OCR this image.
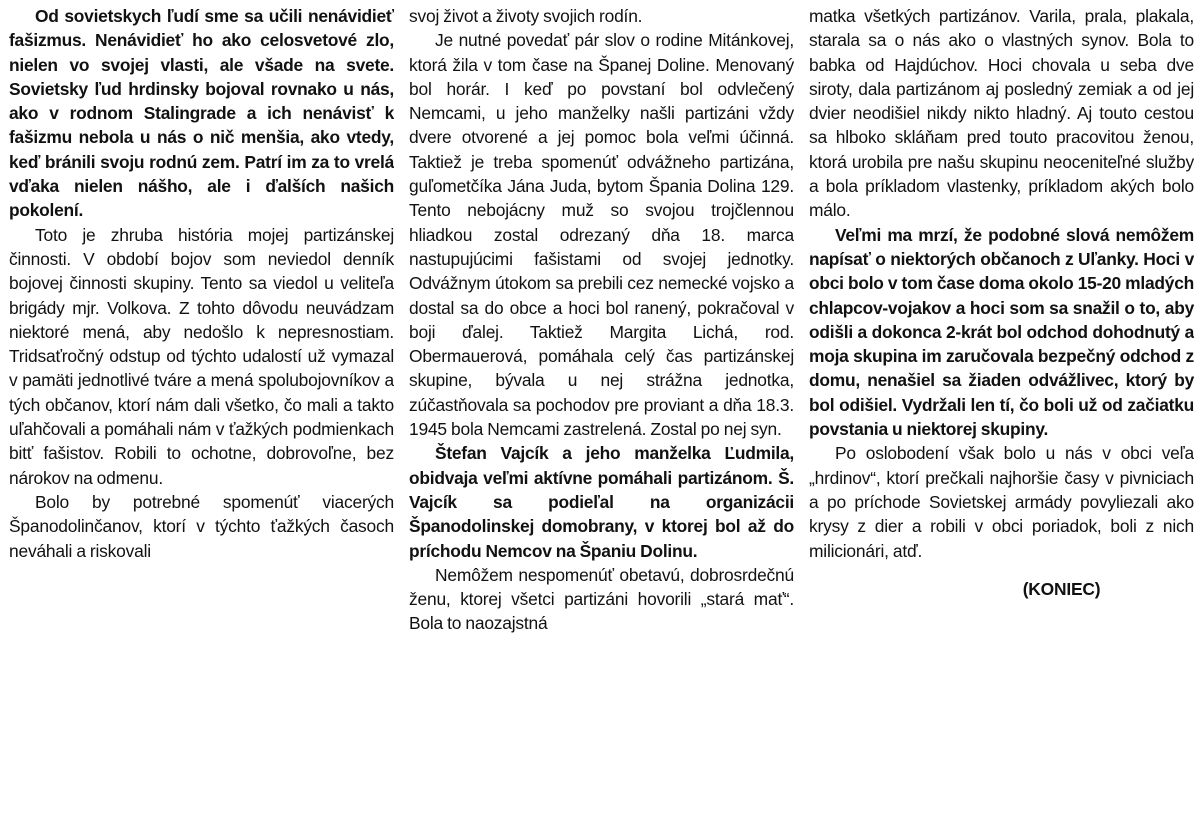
Od sovietskych ľudí sme sa učili nenávidieť fašizmus. Nenávidieť ho ako celosvetové zlo, nielen vo svojej vlasti, ale všade na svete. Sovietsky ľud hrdinsky bojoval rovnako u nás, ako v rodnom Stalingrade a ich nenávisť k fašizmu nebola u nás o nič menšia, ako vtedy, keď bránili svoju rodnú zem. Patrí im za to vrelá vďaka nielen nášho, ale i ďalších našich pokolení.

Toto je zhruba história mojej partizánskej činnosti. V období bojov som neviedol denník bojovej činnosti skupiny. Tento sa viedol u veliteľa brigády mjr. Volkova. Z tohto dôvodu neuvádzam niektoré mená, aby nedošlo k nepresnostiam. Tridsaťročný odstup od týchto udalostí už vymazal v pamäti jednotlivé tváre a mená spolubojovníkov a tých občanov, ktorí nám dali všetko, čo mali a takto uľahčovali a pomáhali nám v ťažkých podmienkach bitť fašistov. Robili to ochotne, dobrovoľne, bez nárokov na odmenu.

Bolo by potrebné spomenúť viacerých Španodolinčanov, ktorí v týchto ťažkých časoch neváhali a riskovali

svoj život a životy svojich rodín.

Je nutné povedať pár slov o rodine Mitánkovej, ktorá žila v tom čase na Španej Doline. Menovaný bol horár. I keď po povstaní bol odvlečený Nemcami, u jeho manželky našli partizáni vždy dvere otvorené a jej pomoc bola veľmi účinná. Taktiež je treba spomenúť odvážneho partizána, guľometčíka Jána Juda, bytom Špania Dolina 129. Tento nebojácny muž so svojou trojčlennou hliadkou zostal odrezaný dňa 18. marca nastupujúcimi fašistami od svojej jednotky. Odvážnym útokom sa prebili cez nemecké vojsko a dostal sa do obce a hoci bol ranený, pokračoval v boji ďalej. Taktiež Margita Lichá, rod. Obermauerová, pomáhala celý čas partizánskej skupine, bývala u nej strážna jednotka, zúčastňovala sa pochodov pre proviant a dňa 18.3. 1945 bola Nemcami zastrelená. Zostal po nej syn.

Štefan Vajcík a jeho manželka Ľudmila, obidvaja veľmi aktívne pomáhali partizánom. Š. Vajcík sa podieľal na organizácii Španodolinskej domobrany, v ktorej bol až do príchodu Nemcov na Španiu Dolinu.

Nemôžem nespomenúť obetavú, dobrosrdečnú ženu, ktorej všetci partizáni hovorili „stará mať“. Bola to naozajstná

matka všetkých partizánov. Varila, prala, plakala, starala sa o nás ako o vlastných synov. Bola to babka od Hajdúchov. Hoci chovala u seba dve siroty, dala partizánom aj posledný zemiak a od jej dvier neodišiel nikdy nikto hladný. Aj touto cestou sa hlboko skláňam pred touto pracovitou ženou, ktorá urobila pre našu skupinu neoceniteľné služby a bola príkladom vlastenky, príkladom akých bolo málo.

Veľmi ma mrzí, že podobné slová nemôžem napísať o niektorých občanoch z Uľanky. Hoci v obci bolo v tom čase doma okolo 15-20 mladých chlapcov-vojakov a hoci som sa snažil o to, aby odišli a dokonca 2-krát bol odchod dohodnutý a moja skupina im zaručovala bezpečný odchod z domu, nenašiel sa žiaden odvážlivec, ktorý by bol odišiel. Vydržali len tí, čo boli už od začiatku povstania u niektorej skupiny.

Po oslobodení však bolo u nás v obci veľa „hrdinov“, ktorí prečkali najhoršie časy v pivniciach a po príchode Sovietskej armády povyliezali ako krysy z dier a robili v obci poriadok, boli z nich milicionári, atď.

(KONIEC)
